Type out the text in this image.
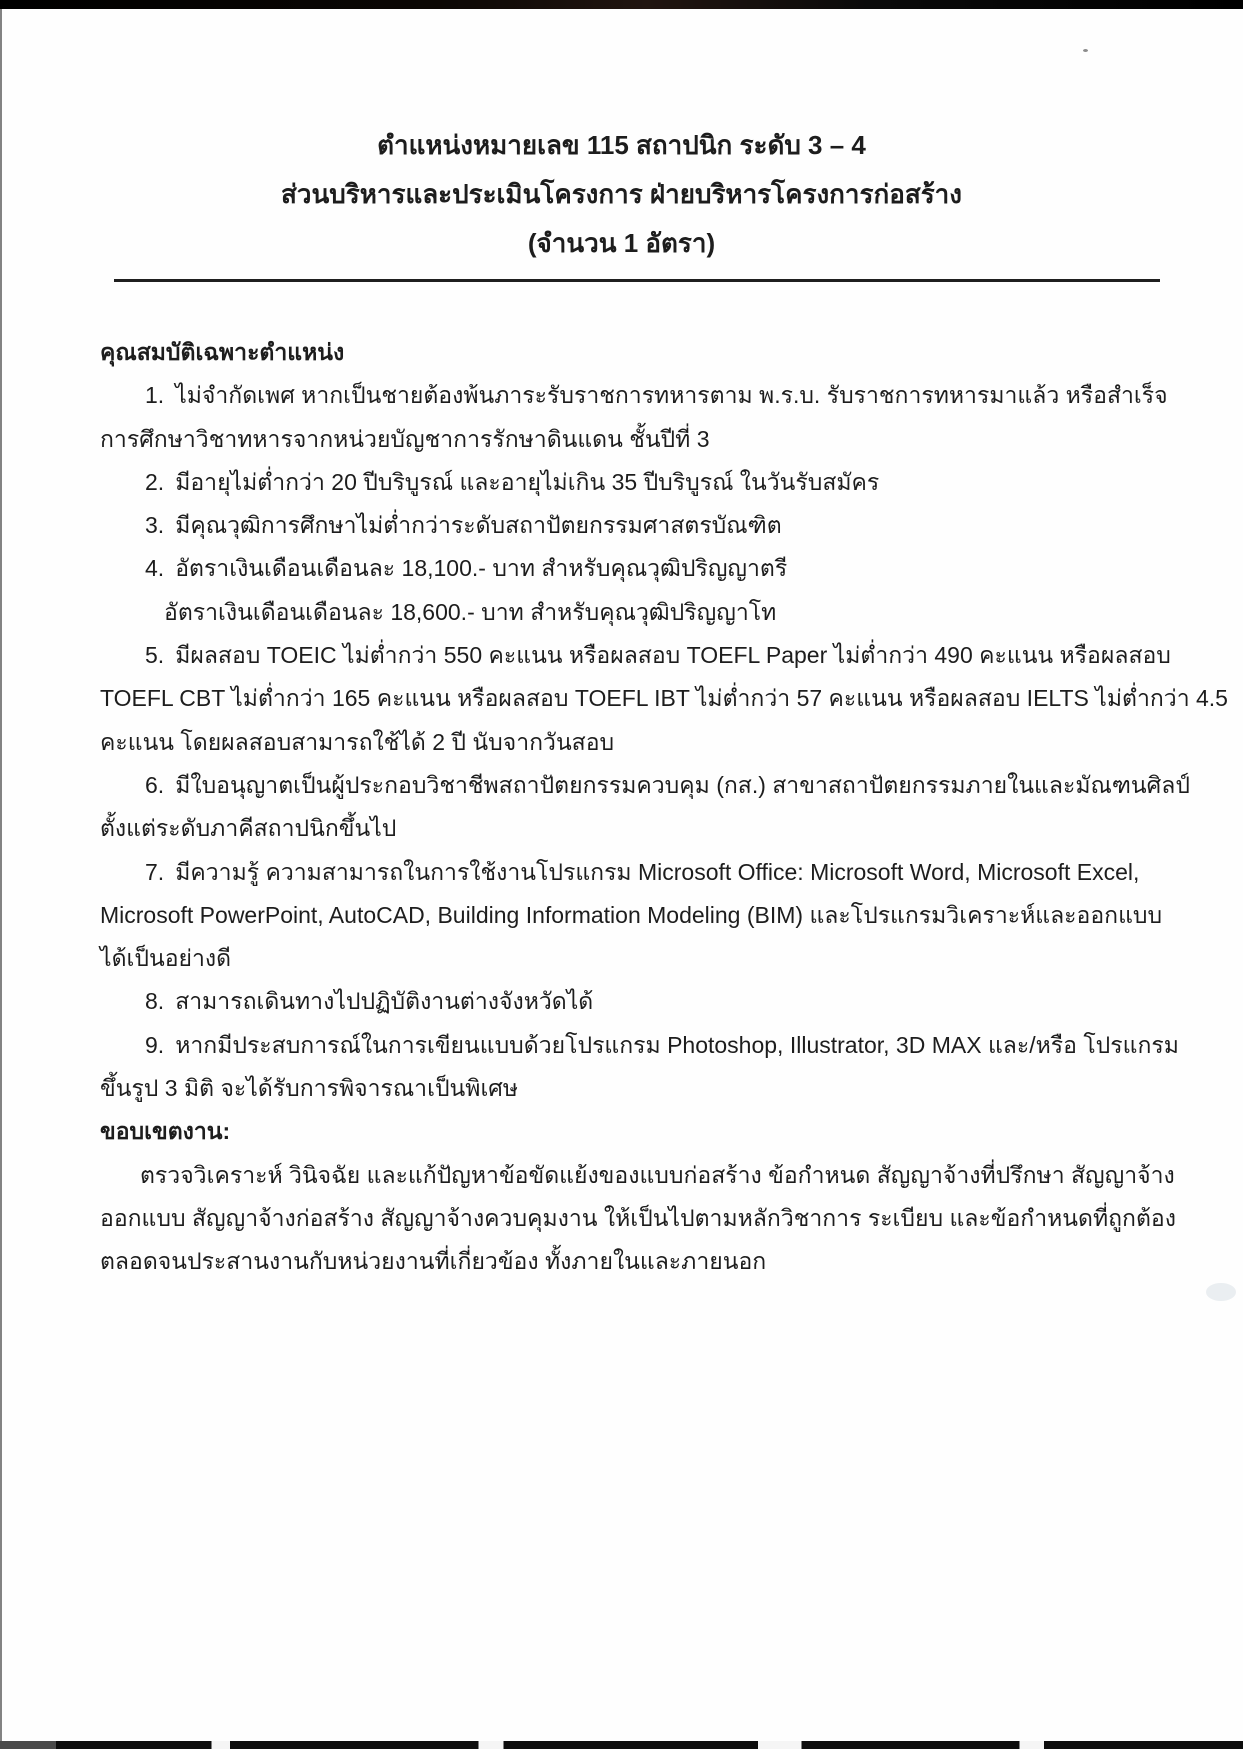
ตำแหน่งหมายเลข 115 สถาปนิก ระดับ 3 – 4
ส่วนบริหารและประเมินโครงการ ฝ่ายบริหารโครงการก่อสร้าง
(จำนวน 1 อัตรา)
คุณสมบัติเฉพาะตำแหน่ง
1. ไม่จำกัดเพศ หากเป็นชายต้องพ้นภาระรับราชการทหารตาม พ.ร.บ. รับราชการทหารมาแล้ว หรือสำเร็จ
การศึกษาวิชาทหารจากหน่วยบัญชาการรักษาดินแดน ชั้นปีที่ 3
2. มีอายุไม่ต่ำกว่า 20 ปีบริบูรณ์ และอายุไม่เกิน 35 ปีบริบูรณ์ ในวันรับสมัคร
3. มีคุณวุฒิการศึกษาไม่ต่ำกว่าระดับสถาปัตยกรรมศาสตรบัณฑิต
4. อัตราเงินเดือนเดือนละ 18,100.- บาท สำหรับคุณวุฒิปริญญาตรี
อัตราเงินเดือนเดือนละ 18,600.- บาท สำหรับคุณวุฒิปริญญาโท
5. มีผลสอบ TOEIC ไม่ต่ำกว่า 550 คะแนน หรือผลสอบ TOEFL Paper ไม่ต่ำกว่า 490 คะแนน หรือผลสอบ
TOEFL CBT ไม่ต่ำกว่า 165 คะแนน หรือผลสอบ TOEFL IBT ไม่ต่ำกว่า 57 คะแนน หรือผลสอบ IELTS ไม่ต่ำกว่า 4.5
คะแนน โดยผลสอบสามารถใช้ได้ 2 ปี นับจากวันสอบ
6. มีใบอนุญาตเป็นผู้ประกอบวิชาชีพสถาปัตยกรรมควบคุม (กส.) สาขาสถาปัตยกรรมภายในและมัณฑนศิลป์
ตั้งแต่ระดับภาคีสถาปนิกขึ้นไป
7. มีความรู้ ความสามารถในการใช้งานโปรแกรม Microsoft Office: Microsoft Word, Microsoft Excel,
Microsoft PowerPoint, AutoCAD, Building Information Modeling (BIM) และโปรแกรมวิเคราะห์และออกแบบ
ได้เป็นอย่างดี
8. สามารถเดินทางไปปฏิบัติงานต่างจังหวัดได้
9. หากมีประสบการณ์ในการเขียนแบบด้วยโปรแกรม Photoshop, Illustrator, 3D MAX และ/หรือ โปรแกรม
ขึ้นรูป 3 มิติ จะได้รับการพิจารณาเป็นพิเศษ
ขอบเขตงาน:
ตรวจวิเคราะห์ วินิจฉัย และแก้ปัญหาข้อขัดแย้งของแบบก่อสร้าง ข้อกำหนด สัญญาจ้างที่ปรึกษา สัญญาจ้าง
ออกแบบ สัญญาจ้างก่อสร้าง สัญญาจ้างควบคุมงาน ให้เป็นไปตามหลักวิชาการ ระเบียบ และข้อกำหนดที่ถูกต้อง
ตลอดจนประสานงานกับหน่วยงานที่เกี่ยวข้อง ทั้งภายในและภายนอก
